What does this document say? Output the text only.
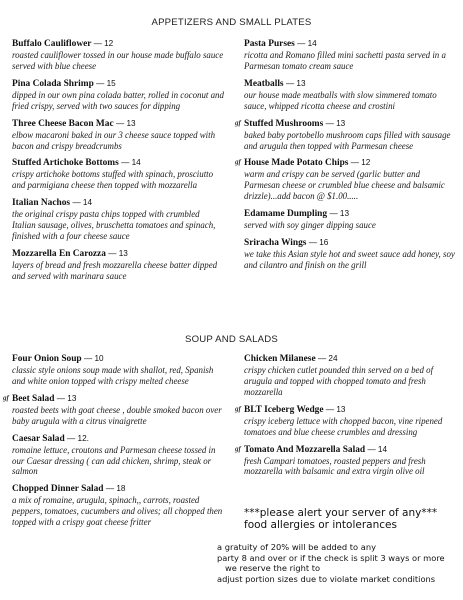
APPETIZERS AND SMALL PLATES
SOUP AND SALADS
Buffalo Cauliflower — 12
roasted cauliflower tossed in our house made buffalo sauce served with blue cheese
Pina Colada Shrimp — 15
dipped in our own pina colada batter, rolled in coconut and fried crispy, served with two sauces for dipping
Three Cheese Bacon Mac — 13
elbow macaroni baked in our 3 cheese sauce topped with bacon and crispy breadcrumbs
Stuffed Artichoke Bottoms — 14
crispy artichoke bottoms stuffed with spinach, prosciutto and parmigiana cheese then topped with mozzarella
Italian Nachos — 14
the original crispy pasta chips topped with crumbled Italian sausage, olives, bruschetta tomatoes and spinach, finished with a four cheese sauce
Mozzarella En Carozza — 13
layers of bread and fresh mozzarella cheese batter dipped and served with marinara sauce
Pasta Purses — 14
ricotta and Romano filled mini sachetti pasta served in a Parmesan tomato cream sauce
Meatballs — 13
our house made meatballs with slow simmered tomato sauce, whipped ricotta cheese and crostini
gf Stuffed Mushrooms — 13
baked baby portobello mushroom caps filled with sausage and arugula then topped with Parmesan cheese
gf House Made Potato Chips — 12
warm and crispy can be served (garlic butter and Parmesan cheese or crumbled blue cheese and balsamic drizzle)...add bacon @ $1.00.....
Edamame Dumpling — 13
served with soy ginger dipping sauce
Sriracha Wings — 16
we take this Asian style hot and sweet sauce add honey, soy and cilantro and finish on the grill
Four Onion Soup — 10
classic style onions soup made with shallot, red, Spanish and white onion topped with crispy melted cheese
gf Beet Salad — 13
roasted beets with goat cheese , double smoked bacon over baby arugula with a citrus vinaigrette
Caesar Salad — 12.
romaine lettuce, croutons and Parmesan cheese tossed in our Caesar dressing ( can add chicken, shrimp, steak or salmon
Chopped Dinner Salad — 18
a mix of romaine, arugula, spinach,, carrots, roasted peppers, tomatoes, cucumbers and olives; all chopped then topped with a crispy goat cheese fritter
Chicken Milanese — 24
crispy chicken cutlet pounded thin served on a bed of arugula and topped with chopped tomato and fresh mozzarella
gf BLT Iceberg Wedge — 13
crispy iceberg lettuce with chopped bacon, vine ripened tomatoes and blue cheese crumbles and dressing
gf Tomato And Mozzarella Salad — 14
fresh Campari tomatoes, roasted peppers and fresh mozzarella with balsamic and extra virgin olive oil
***please alert your server of any***
food allergies or intolerances
a gratuity of 20% will be added to any
party 8 and over or if the check is split 3 ways or more
we reserve the right to
adjust portion sizes due to violate market conditions
